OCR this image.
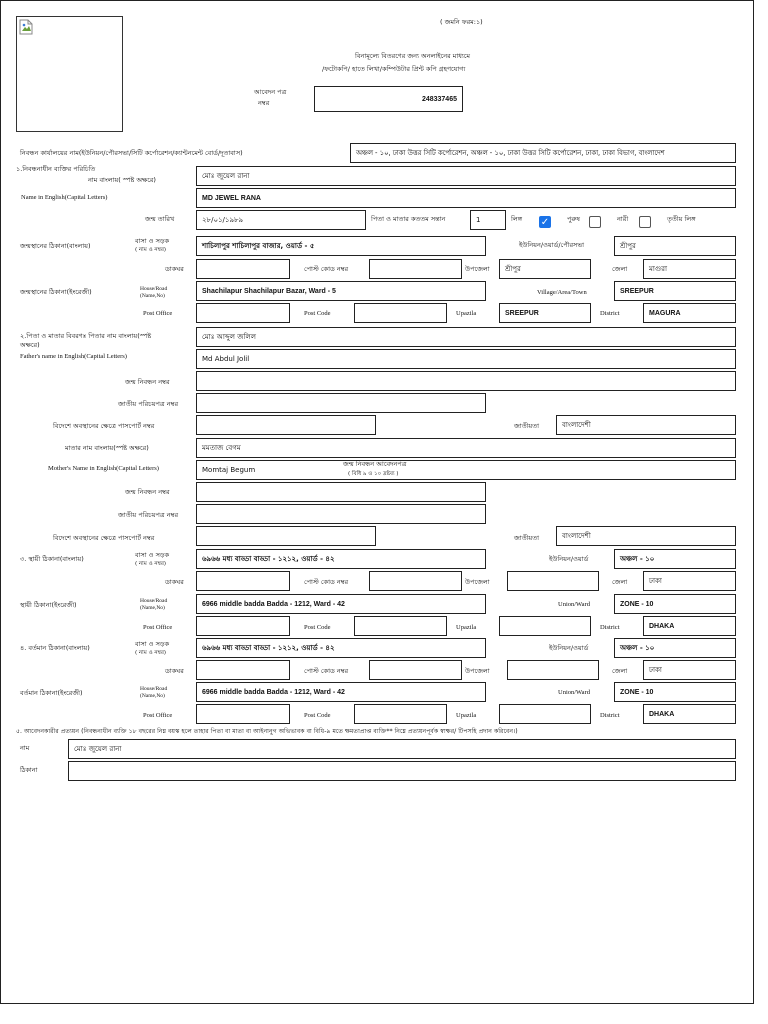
( জমনি ফরম:১)
বিনামূল্যে বিতরণের জন্য অনলাইনের মাধ্যমে
/ফটোকপি/ হাতে লিখা/কম্পিউটার প্রিন্ট কপি গ্রহণযোগ্য
আবেদন পত্র
নম্বর	248337465
নিবন্ধন কার্যালয়ের নাম(ইউনিয়ন/পৌরসভা/সিটি কর্পোরেশন/ক্যান্টনমেন্ট বোর্ড/দূতাবাস)	অঞ্চল - ১০, ঢাকা উত্তর সিটি কর্পোরেশন, অঞ্চল - ১০, ঢাকা উত্তর সিটি কর্পোরেশন, ঢাকা, ঢাকা বিভাগ, বাংলাদেশ
১.নিবন্ধনাধীন ব্যক্তির পরিচিতি
নাম বাংলায়( স্পষ্ট অক্ষরে)
মোঃ জুয়েল রানা
Name in English(Capital Letters)	MD JEWEL RANA
জন্ম তারিখ	২৮/০১/১৯৮৯	পিতা ও মাতার কততম সন্তান	1	লিঙ্গ ✓	পুরুষ	নারী	তৃতীয় লিঙ্গ
জন্মস্থানের ঠিকানা(বাংলায়)
বাসা ও সড়ক
( নাম ও নম্বর)
শাচিলাপুর শাচিলাপুর বাজার, ওয়ার্ড - ৫	ইউনিয়ন/ওয়ার্ড/পৌরসভা	শ্রীপুর
ডাকঘর	পোস্ট কোড নম্বর	উপজেলা	শ্রীপুর	জেলা	মাগুরা
জন্মস্থানের ঠিকানা(ইংরেজী)	House/Road
(Name,No)
Shachilapur Shachilapur Bazar, Ward - 5	Village/Area/Town	SREEPUR
Post Office	Post Code	Upazila	SREEPUR	District	MAGURA
২.পিতা ও মাতার বিবরণঃ পিতার নাম বাংলায়(স্পষ্ট
অক্ষরে)
মোঃ আব্দুল জলিল
Father's name in English(Capital Letters)	Md Abdul Jolil
জন্ম নিবন্ধন নম্বর
জাতীয় পরিচয়পত্র নম্বর
বিদেশে অবস্থানের ক্ষেত্রে পাসপোর্ট নম্বর	জাতীয়তা	বাংলাদেশী
মাতার নাম বাংলায়(স্পষ্ট অক্ষরে)	মমতাজ বেগম
Mother's Name in English(Capital Letters)	Momtaj Begum
জন্ম নিবন্ধন আবেদনপত্র
( বিধি ৯ ও ১০ দ্রষ্টব্য )
জন্ম নিবন্ধন নম্বর
জাতীয় পরিচয়পত্র নম্বর
বিদেশে অবস্থানের ক্ষেত্রে পাসপোর্ট নম্বর	জাতীয়তা	বাংলাদেশী
৩. স্থায়ী ঠিকানা(বাংলায়)	বাসা ও সড়ক
( নাম ও নম্বর)
৬৯৬৬ মধ্য বাড্ডা বাড্ডা - ১২১২, ওয়ার্ড - ৪২	ইউনিয়ন/ওয়ার্ড	অঞ্চল - ১০
ডাকঘর	পোস্ট কোড নম্বর	উপজেলা	জেলা	ঢাকা
স্থায়ী ঠিকানা(ইংরেজী)	House/Road
(Name,No)
6966 middle badda Badda - 1212, Ward - 42	Union/Ward	ZONE - 10
Post Office	Post Code	Upazila	District	DHAKA
৪. বর্তমান ঠিকানা(বাংলায়)	বাসা ও সড়ক
( নাম ও নম্বর)
৬৯৬৬ মধ্য বাড্ডা বাড্ডা - ১২১২, ওয়ার্ড - ৪২	ইউনিয়ন/ওয়ার্ড	অঞ্চল - ১০
ডাকঘর	পোস্ট কোড নম্বর	উপজেলা	জেলা	ঢাকা
বর্তমান ঠিকানা(ইংরেজী)	House/Road
(Name,No)
6966 middle badda Badda - 1212, Ward - 42	Union/Ward	ZONE - 10
Post Office	Post Code	Upazila	District	DHAKA
৫. আবেদনকারীর প্রত্যয়ন (নিবন্ধনাধীন ব্যক্তি ১৮ বছরের নিম্ন বয়স্ক হলে তাহার পিতা বা মাতা বা আইনানুগ অভিভাবক বা বিধি-৯ মতে ক্ষমতাপ্রাপ্ত ব্যক্তি** নিম্নে প্রত্যয়নপূর্বক স্বাক্ষর/ টিপসহি প্রদান করিবেন।)
নাম	মোঃ জুয়েল রানা
ঠিকানা
